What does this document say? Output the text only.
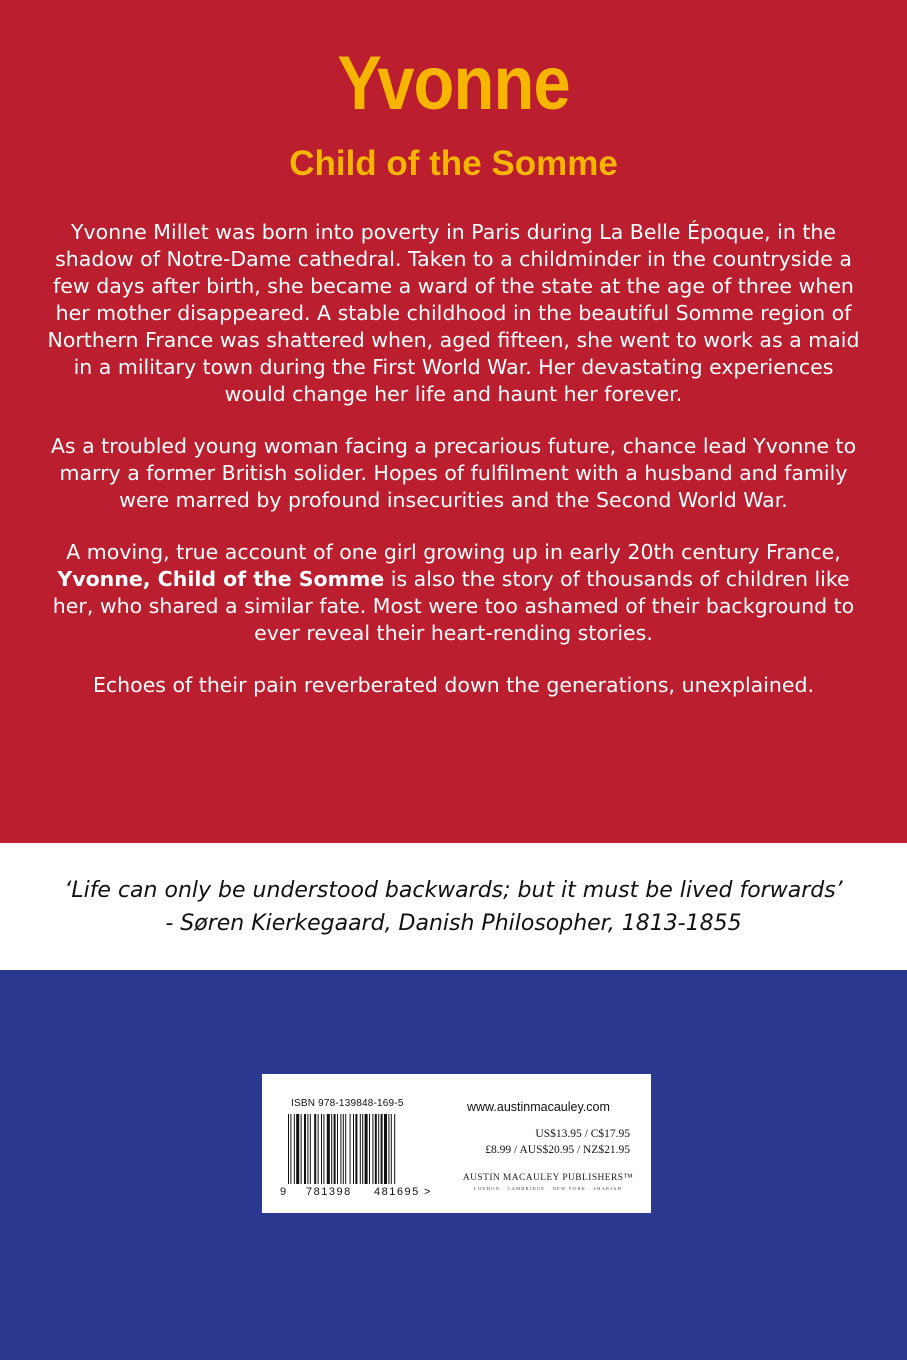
Yvonne
Child of the Somme

Yvonne Millet was born into poverty in Paris during La Belle Époque, in the shadow of Notre-Dame cathedral. Taken to a childminder in the countryside a few days after birth, she became a ward of the state at the age of three when her mother disappeared. A stable childhood in the beautiful Somme region of Northern France was shattered when, aged fifteen, she went to work as a maid in a military town during the First World War. Her devastating experiences would change her life and haunt her forever.

As a troubled young woman facing a precarious future, chance lead Yvonne to marry a former British solider. Hopes of fulfilment with a husband and family were marred by profound insecurities and the Second World War.

A moving, true account of one girl growing up in early 20th century France, Yvonne, Child of the Somme is also the story of thousands of children like her, who shared a similar fate. Most were too ashamed of their background to ever reveal their heart-rending stories.

Echoes of their pain reverberated down the generations, unexplained.

‘Life can only be understood backwards; but it must be lived forwards’
- Søren Kierkegaard, Danish Philosopher, 1813-1855
ISBN 978-139848-169-5
9 781398 481695 >
www.austinmacauley.com
US$13.95 / C$17.95
£8.99 / AUS$20.95 / NZ$21.95
AUSTIN MACAULEY PUBLISHERS™
LONDON · CAMBRIDGE · NEW YORK · SHARJAH
